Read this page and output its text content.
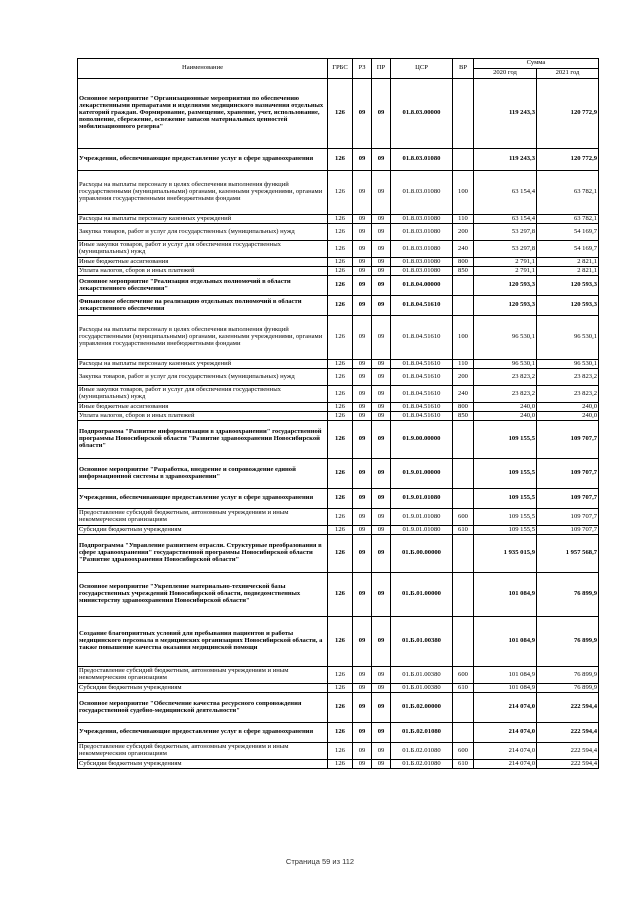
Наименование	ГРБС	РЗ	ПР	ЦСР	ВР	Сумма	
						2020 год	2021 год
Основное мероприятие "Организационные мероприятия по обеспечению лекарственными препаратами и изделиями медицинского назначения отдельных категорий граждан. Формирование, размещение, хранение, учет, использование, пополнение, сбережение, освежение запасов материальных ценностей мобилизационного резерва"	126	09	09	01.8.03.00000		119 243,3	120 772,9
Учреждения, обеспечивающие предоставление услуг в сфере здравоохранения	126	09	09	01.8.03.01080		119 243,3	120 772,9
Расходы на выплаты персоналу в целях обеспечения выполнения функций государственными (муниципальными) органами, казенными учреждениями, органами управления государственными внебюджетными фондами	126	09	09	01.8.03.01080	100	63 154,4	63 782,1
Расходы на выплаты персоналу казенных учреждений	126	09	09	01.8.03.01080	110	63 154,4	63 782,1
Закупка товаров, работ и услуг для государственных (муниципальных) нужд	126	09	09	01.8.03.01080	200	53 297,8	54 169,7
Иные закупки товаров, работ и услуг для обеспечения государственных (муниципальных) нужд	126	09	09	01.8.03.01080	240	53 297,8	54 169,7
Иные бюджетные ассигнования	126	09	09	01.8.03.01080	800	2 791,1	2 821,1
Уплата налогов, сборов и иных платежей	126	09	09	01.8.03.01080	850	2 791,1	2 821,1
Основное мероприятие "Реализация отдельных полномочий в области лекарственного обеспечения"	126	09	09	01.8.04.00000		120 593,3	120 593,3
Финансовое обеспечение на реализацию отдельных полномочий в области лекарственного обеспечения	126	09	09	01.8.04.51610		120 593,3	120 593,3
Расходы на выплаты персоналу в целях обеспечения выполнения функций государственными (муниципальными) органами, казенными учреждениями, органами управления государственными внебюджетными фондами	126	09	09	01.8.04.51610	100	96 530,1	96 530,1
Расходы на выплаты персоналу казенных учреждений	126	09	09	01.8.04.51610	110	96 530,1	96 530,1
Закупка товаров, работ и услуг для государственных (муниципальных) нужд	126	09	09	01.8.04.51610	200	23 823,2	23 823,2
Иные закупки товаров, работ и услуг для обеспечения государственных (муниципальных) нужд	126	09	09	01.8.04.51610	240	23 823,2	23 823,2
Иные бюджетные ассигнования	126	09	09	01.8.04.51610	800	240,0	240,0
Уплата налогов, сборов и иных платежей	126	09	09	01.8.04.51610	850	240,0	240,0
Подпрограмма "Развитие информатизации в здравоохранении" государственной программы Новосибирской области "Развитие здравоохранения Новосибирской области"	126	09	09	01.9.00.00000		109 155,5	109 707,7
Основное мероприятие "Разработка, внедрение и сопровождение единой информационной системы в здравоохранении"	126	09	09	01.9.01.00000		109 155,5	109 707,7
Учреждения, обеспечивающие предоставление услуг в сфере здравоохранения	126	09	09	01.9.01.01080		109 155,5	109 707,7
Предоставление субсидий бюджетным, автономным учреждениям и иным некоммерческим организациям	126	09	09	01.9.01.01080	600	109 155,5	109 707,7
Субсидии бюджетным учреждениям	126	09	09	01.9.01.01080	610	109 155,5	109 707,7
Подпрограмма "Управление развитием отрасли. Структурные преобразования в сфере здравоохранения" государственной программы Новосибирской области "Развитие здравоохранения Новосибирской области"	126	09	09	01.Б.00.00000		1 935 015,9	1 957 568,7
Основное мероприятие "Укрепление материально-технической базы государственных учреждений Новосибирской области, подведомственных министерству здравоохранения Новосибирской области"	126	09	09	01.Б.01.00000		101 084,9	76 899,9
Создание благоприятных условий для пребывания пациентов и работы медицинского персонала в медицинских организациях Новосибирской области, а также повышение качества оказания медицинской помощи	126	09	09	01.Б.01.00380		101 084,9	76 899,9
Предоставление субсидий бюджетным, автономным учреждениям и иным некоммерческим организациям	126	09	09	01.Б.01.00380	600	101 084,9	76 899,9
Субсидии бюджетным учреждениям	126	09	09	01.Б.01.00380	610	101 084,9	76 899,9
Основное мероприятие "Обеспечение качества ресурсного сопровождения государственной судебно-медицинской деятельности"	126	09	09	01.Б.02.00000		214 074,0	222 594,4
Учреждения, обеспечивающие предоставление услуг в сфере здравоохранения	126	09	09	01.Б.02.01080		214 074,0	222 594,4
Предоставление субсидий бюджетным, автономным учреждениям и иным некоммерческим организациям	126	09	09	01.Б.02.01080	600	214 074,0	222 594,4
Субсидии бюджетным учреждениям	126	09	09	01.Б.02.01080	610	214 074,0	222 594,4
Страница 59 из 112
